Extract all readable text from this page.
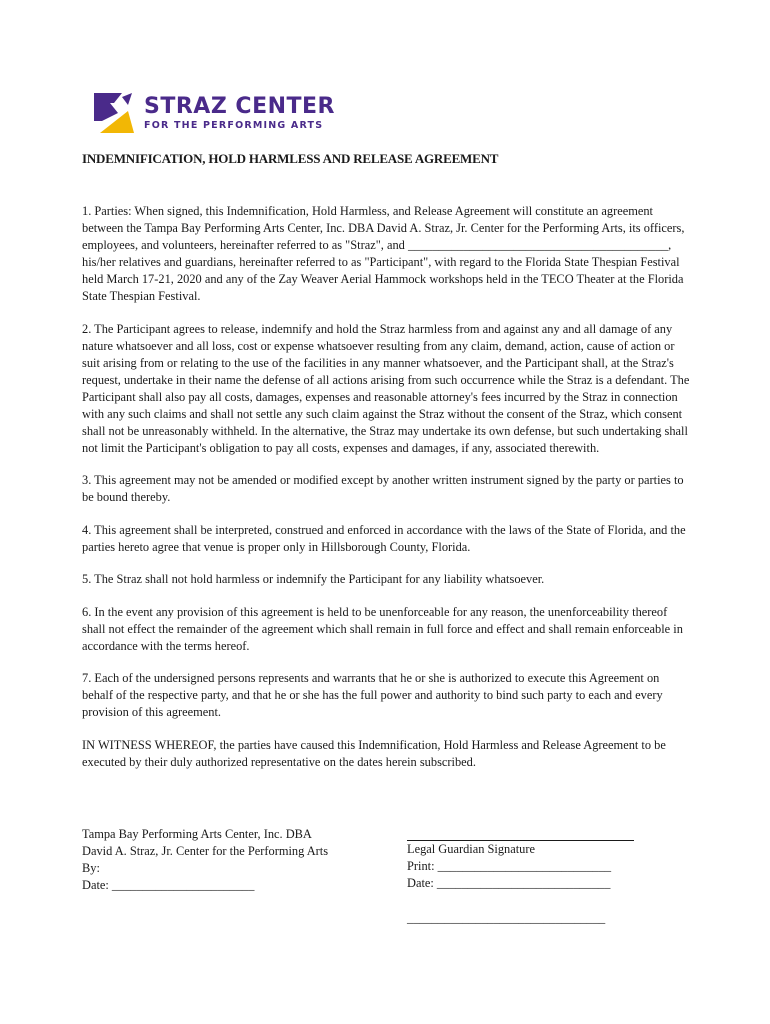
STRAZ CENTER
FOR THE PERFORMING ARTS
INDEMNIFICATION, HOLD HARMLESS AND RELEASE AGREEMENT

1. Parties: When signed, this Indemnification, Hold Harmless, and Release Agreement will constitute an agreement between the Tampa Bay Performing Arts Center, Inc. DBA David A. Straz, Jr. Center for the Performing Arts, its officers, employees, and volunteers, hereinafter referred to as "Straz", and __________________________________________, his/her relatives and guardians, hereinafter referred to as "Participant", with regard to the Florida State Thespian Festival held March 17-21, 2020 and any of the Zay Weaver Aerial Hammock workshops held in the TECO Theater at the Florida State Thespian Festival.

2. The Participant agrees to release, indemnify and hold the Straz harmless from and against any and all damage of any nature whatsoever and all loss, cost or expense whatsoever resulting from any claim, demand, action, cause of action or suit arising from or relating to the use of the facilities in any manner whatsoever, and the Participant shall, at the Straz's request, undertake in their name the defense of all actions arising from such occurrence while the Straz is a defendant. The Participant shall also pay all costs, damages, expenses and reasonable attorney's fees incurred by the Straz in connection with any such claims and shall not settle any such claim against the Straz without the consent of the Straz, which consent shall not be unreasonably withheld. In the alternative, the Straz may undertake its own defense, but such undertaking shall not limit the Participant's obligation to pay all costs, expenses and damages, if any, associated therewith.

3. This agreement may not be amended or modified except by another written instrument signed by the party or parties to be bound thereby.

4. This agreement shall be interpreted, construed and enforced in accordance with the laws of the State of Florida, and the parties hereto agree that venue is proper only in Hillsborough County, Florida.

5. The Straz shall not hold harmless or indemnify the Participant for any liability whatsoever.

6. In the event any provision of this agreement is held to be unenforceable for any reason, the unenforceability thereof shall not effect the remainder of the agreement which shall remain in full force and effect and shall remain enforceable in accordance with the terms hereof.

7. Each of the undersigned persons represents and warrants that he or she is authorized to execute this Agreement on behalf of the respective party, and that he or she has the full power and authority to bind such party to each and every provision of this agreement.

IN WITNESS WHEREOF, the parties have caused this Indemnification, Hold Harmless and Release Agreement to be executed by their duly authorized representative on the dates herein subscribed.

Tampa Bay Performing Arts Center, Inc. DBA
David A. Straz, Jr. Center for the Performing Arts
By:
Date: _______________________
Legal Guardian Signature
Print: ____________________________
Date: ____________________________
________________________________
